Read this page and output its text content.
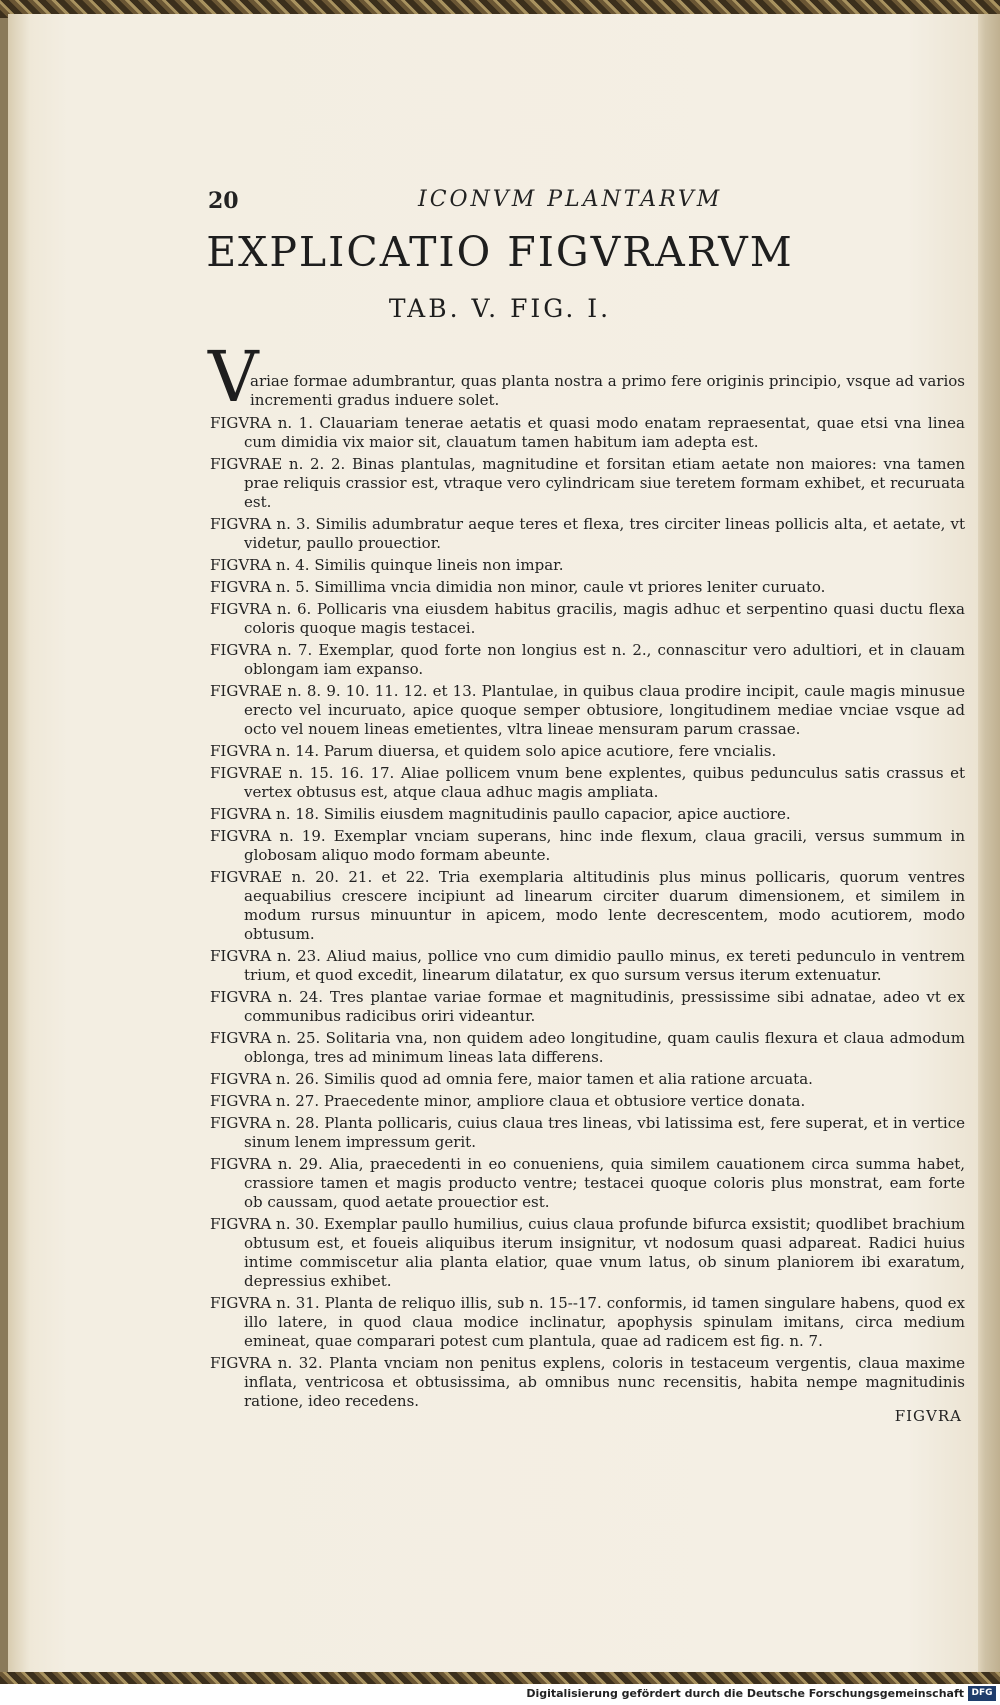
20	ICONVM PLANTARVM
EXPLICATIO FIGVRARVM
TAB. V. FIG. I.
V
ariae formae adumbrantur, quas planta nostra a primo fere originis principio, vsque ad varios incrementi gradus induere solet.
FIGVRA n. 1. Clauariam tenerae aetatis et quasi modo enatam repraesentat, quae etsi vna linea cum dimidia vix maior sit, clauatum tamen habitum iam adepta est.
FIGVRAE n. 2. 2. Binas plantulas, magnitudine et forsitan etiam aetate non maiores: vna tamen prae reliquis crassior est, vtraque vero cylindricam siue teretem formam exhibet, et recuruata est.
FIGVRA n. 3. Similis adumbratur aeque teres et flexa, tres circiter lineas pollicis alta, et aetate, vt videtur, paullo prouectior.
FIGVRA n. 4. Similis quinque lineis non impar.
FIGVRA n. 5. Simillima vncia dimidia non minor, caule vt priores leniter curuato.
FIGVRA n. 6. Pollicaris vna eiusdem habitus gracilis, magis adhuc et serpentino quasi ductu flexa coloris quoque magis testacei.
FIGVRA n. 7. Exemplar, quod forte non longius est n. 2., connascitur vero adultiori, et in clauam oblongam iam expanso.
FIGVRAE n. 8. 9. 10. 11. 12. et 13. Plantulae, in quibus claua prodire incipit, caule magis minusue erecto vel incuruato, apice quoque semper obtusiore, longitudinem mediae vnciae vsque ad octo vel nouem lineas emetientes, vltra lineae mensuram parum crassae.
FIGVRA n. 14. Parum diuersa, et quidem solo apice acutiore, fere vncialis.
FIGVRAE n. 15. 16. 17. Aliae pollicem vnum bene explentes, quibus pedunculus satis crassus et vertex obtusus est, atque claua adhuc magis ampliata.
FIGVRA n. 18. Similis eiusdem magnitudinis paullo capacior, apice auctiore.
FIGVRA n. 19. Exemplar vnciam superans, hinc inde flexum, claua gracili, versus summum in globosam aliquo modo formam abeunte.
FIGVRAE n. 20. 21. et 22. Tria exemplaria altitudinis plus minus pollicaris, quorum ventres aequabilius crescere incipiunt ad linearum circiter duarum dimensionem, et similem in modum rursus minuuntur in apicem, modo lente decrescentem, modo acutiorem, modo obtusum.
FIGVRA n. 23. Aliud maius, pollice vno cum dimidio paullo minus, ex tereti pedunculo in ventrem trium, et quod excedit, linearum dilatatur, ex quo sursum versus iterum extenuatur.
FIGVRA n. 24. Tres plantae variae formae et magnitudinis, pressissime sibi adnatae, adeo vt ex communibus radicibus oriri videantur.
FIGVRA n. 25. Solitaria vna, non quidem adeo longitudine, quam caulis flexura et claua admodum oblonga, tres ad minimum lineas lata differens.
FIGVRA n. 26. Similis quod ad omnia fere, maior tamen et alia ratione arcuata.
FIGVRA n. 27. Praecedente minor, ampliore claua et obtusiore vertice donata.
FIGVRA n. 28. Planta pollicaris, cuius claua tres lineas, vbi latissima est, fere superat, et in vertice sinum lenem impressum gerit.
FIGVRA n. 29. Alia, praecedenti in eo conueniens, quia similem cauationem circa summa habet, crassiore tamen et magis producto ventre; testacei quoque coloris plus monstrat, eam forte ob caussam, quod aetate prouectior est.
FIGVRA n. 30. Exemplar paullo humilius, cuius claua profunde bifurca exsistit; quodlibet brachium obtusum est, et foueis aliquibus iterum insignitur, vt nodosum quasi adpareat. Radici huius intime commiscetur alia planta elatior, quae vnum latus, ob sinum planiorem ibi exaratum, depressius exhibet.
FIGVRA n. 31. Planta de reliquo illis, sub n. 15--17. conformis, id tamen singulare habens, quod ex illo latere, in quod claua modice inclinatur, apophysis spinulam imitans, circa medium emineat, quae comparari potest cum plantula, quae ad radicem est fig. n. 7.
FIGVRA n. 32. Planta vnciam non penitus explens, coloris in testaceum vergentis, claua maxime inflata, ventricosa et obtusissima, ab omnibus nunc recensitis, habita nempe magnitudinis ratione, ideo recedens.
FIGVRA
Digitalisierung gefördert durch die Deutsche Forschungsgemeinschaft DFG
